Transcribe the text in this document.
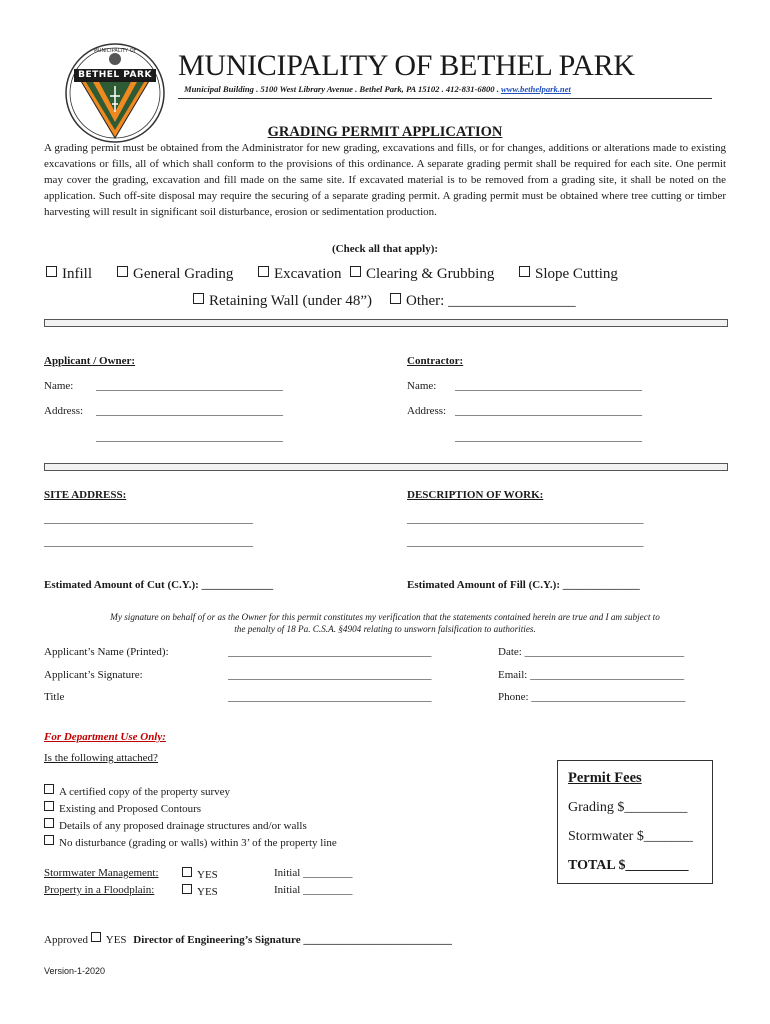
BETHEL PARK
MUNICIPALITY OF	MUNICIPALITY OF BETHEL PARK
Municipal Building . 5100 West Library Avenue . Bethel Park, PA 15102 . 412-831-6800 . www.bethelpark.net
GRADING PERMIT APPLICATION
A grading permit must be obtained from the Administrator for new grading, excavations and fills, or for changes, additions or alterations made to existing excavations or fills, all of which shall conform to the provisions of this ordinance. A separate grading permit shall be required for each site. One permit may cover the grading, excavation and fill made on the same site. If excavated material is to be removed from a grading site, it shall be noted on the application. Such off-site disposal may require the securing of a separate grading permit. A grading permit must be obtained where tree cutting or timber harvesting will result in significant soil disturbance, erosion or sedimentation production.
(Check all that apply):
Infill	General Grading	Excavation	Clearing & Grubbing	Slope Cutting
Retaining Wall (under 48”)	Other: _________________
Applicant / Owner:
Name: __________________________________
Address: __________________________________
__________________________________
Contractor:
Name: __________________________________
Address: __________________________________
__________________________________
SITE ADDRESS:
______________________________________
______________________________________
DESCRIPTION OF WORK:
___________________________________________
___________________________________________
Estimated Amount of Cut (C.Y.): _____________	Estimated Amount of Fill (C.Y.): ______________
My signature on behalf of or as the Owner for this permit constitutes my verification that the statements contained herein are true and I am subject to
the penalty of 18 Pa. C.S.A. §4904 relating to unsworn falsification to authorities.
Applicant’s Name (Printed):	_____________________________________
Applicant’s Signature:	_____________________________________
Title	_____________________________________
Date: _____________________________
Email: ____________________________
Phone: ____________________________
For Department Use Only:
Is the following attached?
A certified copy of the property survey
Existing and Proposed Contours
Details of any proposed drainage structures and/or walls
No disturbance (grading or walls) within 3’ of the property line
Stormwater Management:	YES	Initial _________
Property in a Floodplain:	YES	Initial _________
Approved YES Director of Engineering’s Signature ___________________________
Permit Fees
Grading $_________
Stormwater $_______
TOTAL $_________
Version-1-2020
